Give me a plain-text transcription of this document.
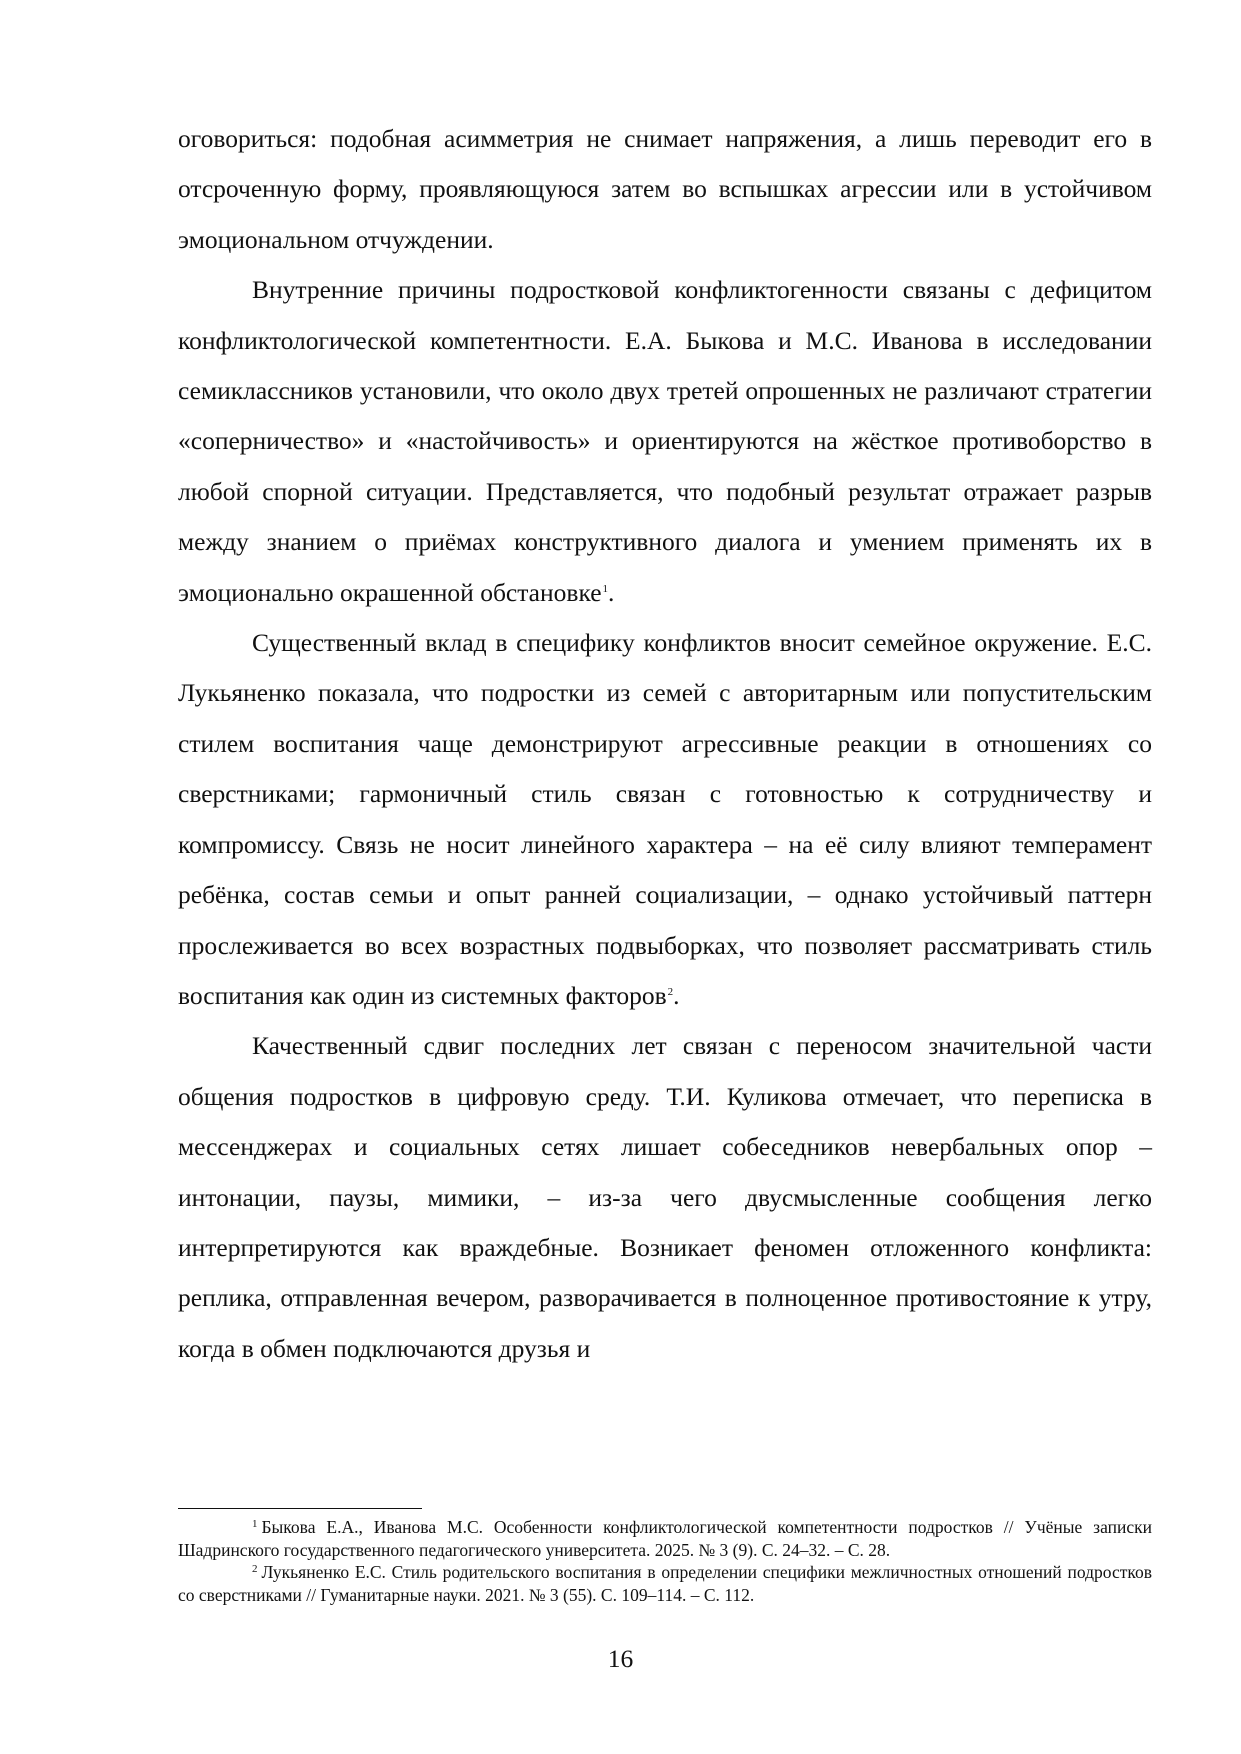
оговориться: подобная асимметрия не снимает напряжения, а лишь переводит его в отсроченную форму, проявляющуюся затем во вспышках агрессии или в устойчивом эмоциональном отчуждении.

Внутренние причины подростковой конфликтогенности связаны с дефицитом конфликтологической компетентности. Е.А. Быкова и М.С. Иванова в исследовании семиклассников установили, что около двух третей опрошенных не различают стратегии «соперничество» и «настойчивость» и ориентируются на жёсткое противоборство в любой спорной ситуации. Представляется, что подобный результат отражает разрыв между знанием о приёмах конструктивного диалога и умением применять их в эмоционально окрашенной обстановке$^1$.

Существенный вклад в специфику конфликтов вносит семейное окружение. Е.С. Лукьяненко показала, что подростки из семей с авторитарным или попустительским стилем воспитания чаще демонстрируют агрессивные реакции в отношениях со сверстниками; гармоничный стиль связан с готовностью к сотрудничеству и компромиссу. Связь не носит линейного характера – на её силу влияют темперамент ребёнка, состав семьи и опыт ранней социализации, – однако устойчивый паттерн прослеживается во всех возрастных подвыборках, что позволяет рассматривать стиль воспитания как один из системных факторов$^2$.

Качественный сдвиг последних лет связан с переносом значительной части общения подростков в цифровую среду. Т.И. Куликова отмечает, что переписка в мессенджерах и социальных сетях лишает собеседников невербальных опор – интонации, паузы, мимики, – из-за чего двусмысленные сообщения легко интерпретируются как враждебные. Возникает феномен отложенного конфликта: реплика, отправленная вечером, разворачивается в полноценное противостояние к утру, когда в обмен подключаются друзья и

$^1$ Быкова Е.А., Иванова М.С. Особенности конфликтологической компетентности подростков // Учёные записки Шадринского государственного педагогического университета. 2025. № 3 (9). С. 24–32. – С. 28.

$^2$ Лукьяненко Е.С. Стиль родительского воспитания в определении специфики межличностных отношений подростков со сверстниками // Гуманитарные науки. 2021. № 3 (55). С. 109–114. – С. 112.

16
